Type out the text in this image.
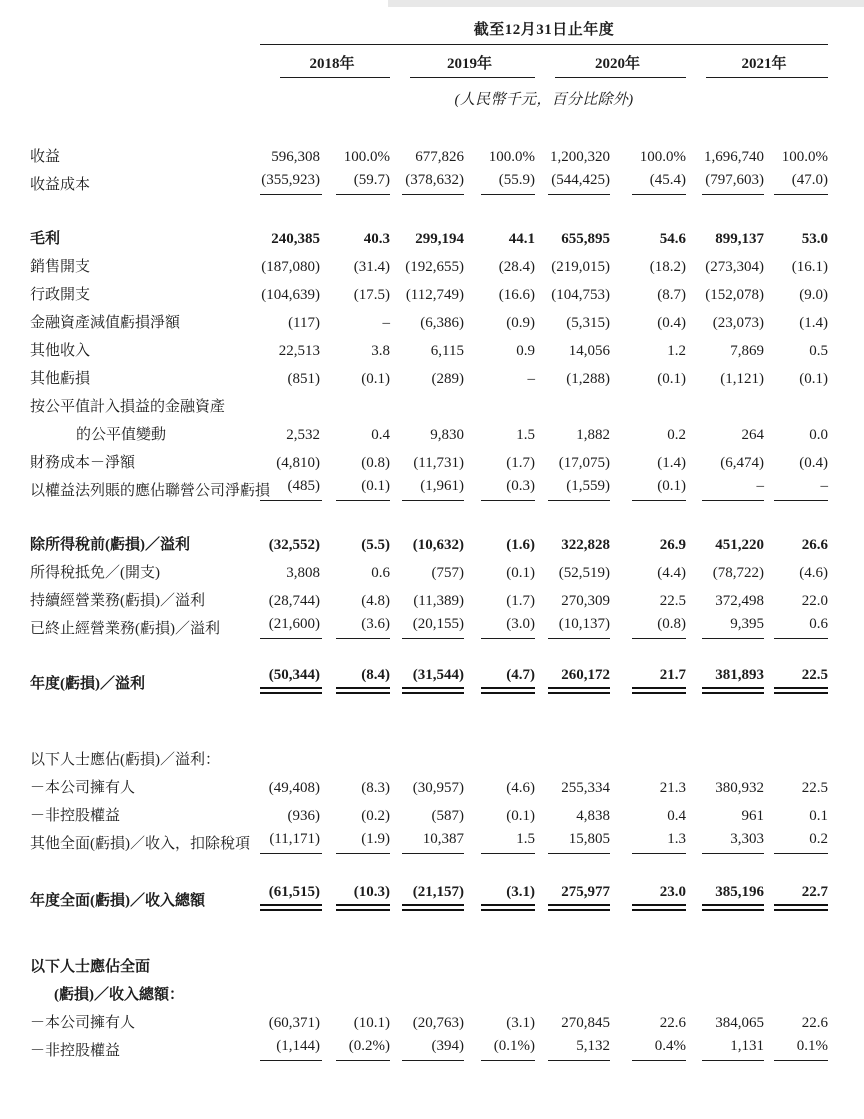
截至12月31日止年度
2018年	2019年	2020年	2021年
(人民幣千元，百分比除外)
收益	596,308	100.0%	677,826	100.0%	1,200,320	100.0%	1,696,740	100.0%

收益成本	(355,923)	(59.7)	(378,632)	(55.9)	(544,425)	(45.4)	(797,603)	(47.0)

毛利	240,385	40.3	299,194	44.1	655,895	54.6	899,137	53.0

銷售開支	(187,080)	(31.4)	(192,655)	(28.4)	(219,015)	(18.2)	(273,304)	(16.1)

行政開支	(104,639)	(17.5)	(112,749)	(16.6)	(104,753)	(8.7)	(152,078)	(9.0)

金融資產減值虧損淨額	(117)	–	(6,386)	(0.9)	(5,315)	(0.4)	(23,073)	(1.4)

其他收入	22,513	3.8	6,115	0.9	14,056	1.2	7,869	0.5

其他虧損	(851)	(0.1)	(289)	–	(1,288)	(0.1)	(1,121)	(0.1)

按公平值計入損益的金融資產								
的公平值變動	2,532	0.4	9,830	1.5	1,882	0.2	264	0.0

財務成本－淨額	(4,810)	(0.8)	(11,731)	(1.7)	(17,075)	(1.4)	(6,474)	(0.4)

以權益法列賬的應佔聯營公司淨虧損	(485)	(0.1)	(1,961)	(0.3)	(1,559)	(0.1)	–	–

除所得稅前(虧損)／溢利	(32,552)	(5.5)	(10,632)	(1.6)	322,828	26.9	451,220	26.6

所得稅抵免／(開支)	3,808	0.6	(757)	(0.1)	(52,519)	(4.4)	(78,722)	(4.6)

持續經營業務(虧損)／溢利	(28,744)	(4.8)	(11,389)	(1.7)	270,309	22.5	372,498	22.0

已終止經營業務(虧損)／溢利	(21,600)	(3.6)	(20,155)	(3.0)	(10,137)	(0.8)	9,395	0.6

年度(虧損)／溢利	(50,344)	(8.4)	(31,544)	(4.7)	260,172	21.7	381,893	22.5

以下人士應佔(虧損)／溢利：								
－本公司擁有人	(49,408)	(8.3)	(30,957)	(4.6)	255,334	21.3	380,932	22.5

－非控股權益	(936)	(0.2)	(587)	(0.1)	4,838	0.4	961	0.1

其他全面(虧損)／收入，扣除稅項	(11,171)	(1.9)	10,387	1.5	15,805	1.3	3,303	0.2

年度全面(虧損)／收入總額	(61,515)	(10.3)	(21,157)	(3.1)	275,977	23.0	385,196	22.7

以下人士應佔全面								
(虧損)／收入總額：								
－本公司擁有人	(60,371)	(10.1)	(20,763)	(3.1)	270,845	22.6	384,065	22.6

－非控股權益	(1,144)	(0.2%)	(394)	(0.1%)	5,132	0.4%	1,131	0.1%
